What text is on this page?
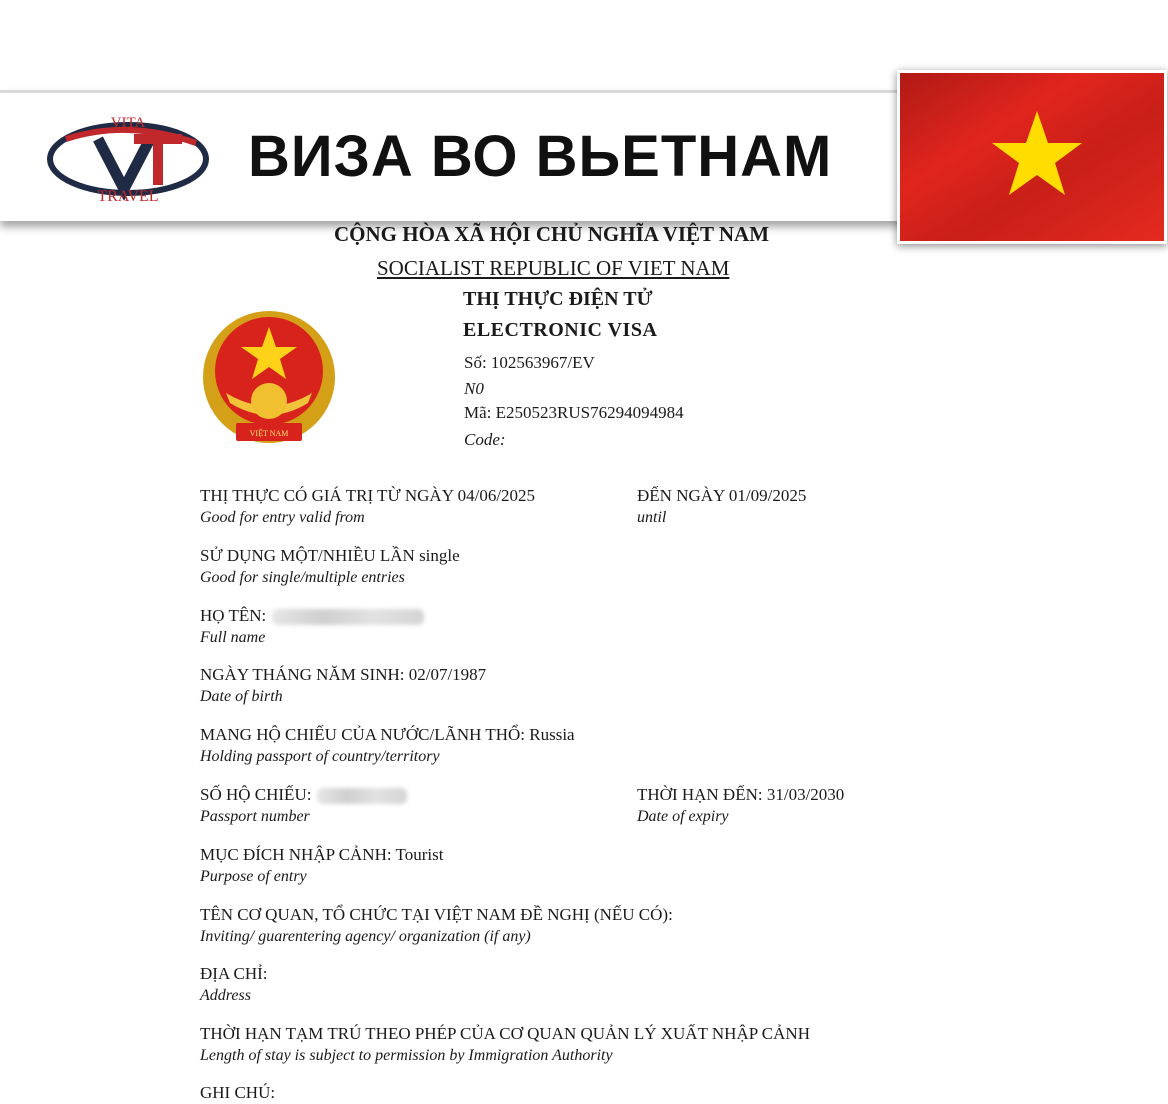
VITA
TRAVEL
ВИЗА ВО ВЬЕТНАМ
CỘNG HÒA XÃ HỘI CHỦ NGHĨA VIỆT NAM
SOCIALIST REPUBLIC OF VIET NAM
THỊ THỰC ĐIỆN TỬ
ELECTRONIC VISA
Số: 102563967/EV
N0
Mã: E250523RUS76294094984
Code:
VIỆT NAM
THỊ THỰC CÓ GIÁ TRỊ TỪ NGÀY 04/06/2025
Good for entry valid from
ĐẾN NGÀY 01/09/2025
until
SỬ DỤNG MỘT/NHIỀU LẦN single
Good for single/multiple entries
HỌ TÊN:
Full name
NGÀY THÁNG NĂM SINH: 02/07/1987
Date of birth
MANG HỘ CHIẾU CỦA NƯỚC/LÃNH THỔ: Russia
Holding passport of country/territory
SỐ HỘ CHIẾU:
Passport number
THỜI HẠN ĐẾN: 31/03/2030
Date of expiry
MỤC ĐÍCH NHẬP CẢNH: Tourist
Purpose of entry
TÊN CƠ QUAN, TỔ CHỨC TẠI VIỆT NAM ĐỀ NGHỊ (NẾU CÓ):
Inviting/ guarentering agency/ organization (if any)
ĐỊA CHỈ:
Address
THỜI HẠN TẠM TRÚ THEO PHÉP CỦA CƠ QUAN QUẢN LÝ XUẤT NHẬP CẢNH
Length of stay is subject to permission by Immigration Authority
GHI CHÚ:
